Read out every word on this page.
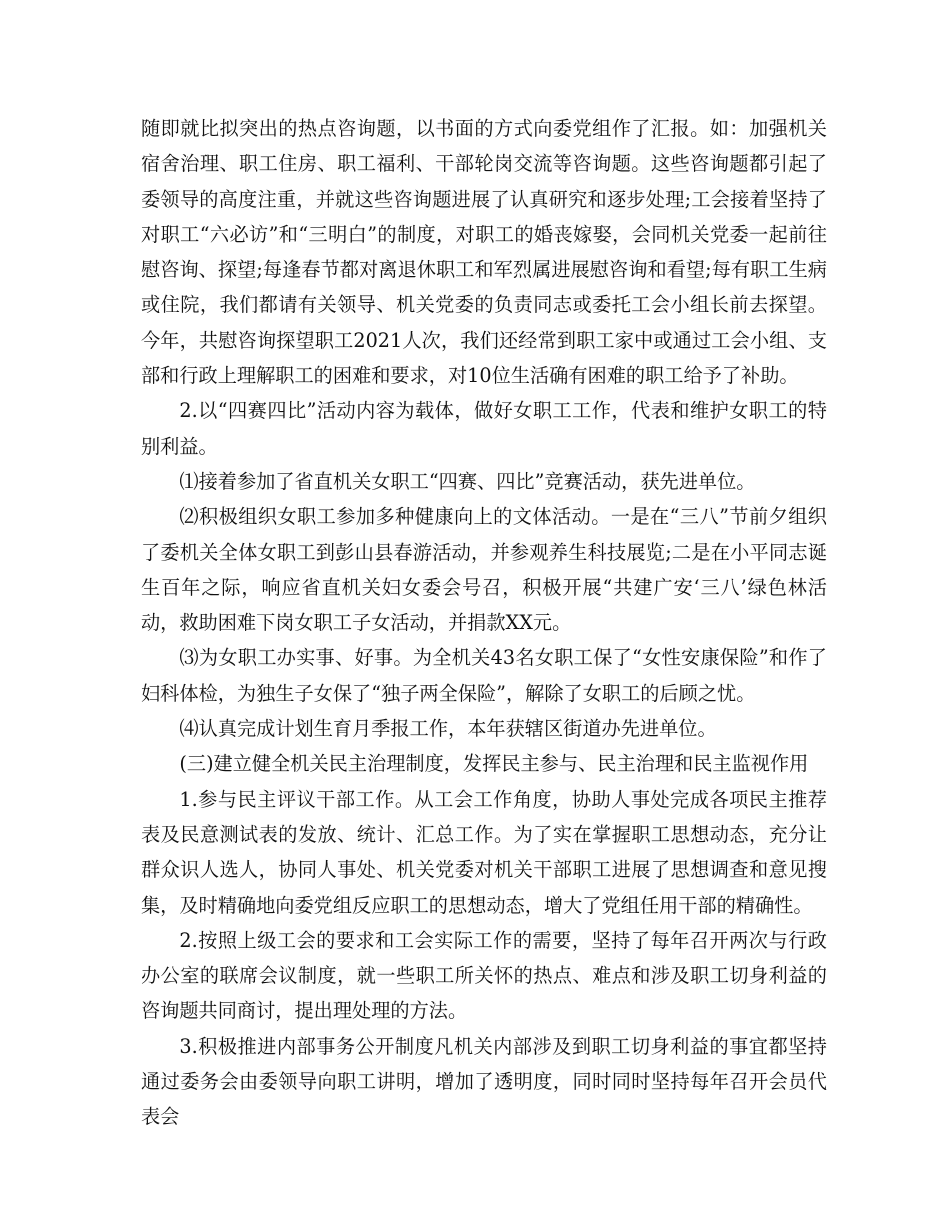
随即就比拟突出的热点咨询题，以书面的方式向委党组作了汇报。如：加强机关宿舍治理、职工住房、职工福利、干部轮岗交流等咨询题。这些咨询题都引起了委领导的高度注重，并就这些咨询题进展了认真研究和逐步处理;工会接着坚持了对职工“六必访”和“三明白”的制度，对职工的婚丧嫁娶，会同机关党委一起前往慰咨询、探望;每逢春节都对离退休职工和军烈属进展慰咨询和看望;每有职工生病或住院，我们都请有关领导、机关党委的负责同志或委托工会小组长前去探望。今年，共慰咨询探望职工2021人次，我们还经常到职工家中或通过工会小组、支部和行政上理解职工的困难和要求，对10位生活确有困难的职工给予了补助。

2.以“四赛四比”活动内容为载体，做好女职工工作，代表和维护女职工的特别利益。

⑴接着参加了省直机关女职工“四赛、四比”竞赛活动，获先进单位。

⑵积极组织女职工参加多种健康向上的文体活动。一是在“三八”节前夕组织了委机关全体女职工到彭山县春游活动，并参观养生科技展览;二是在小平同志诞生百年之际，响应省直机关妇女委会号召，积极开展“共建广安‘三八’绿色林活动，救助困难下岗女职工子女活动，并捐款XX元。

⑶为女职工办实事、好事。为全机关43名女职工保了“女性安康保险”和作了妇科体检，为独生子女保了“独子两全保险”，解除了女职工的后顾之忧。

⑷认真完成计划生育月季报工作，本年获辖区街道办先进单位。

(三)建立健全机关民主治理制度，发挥民主参与、民主治理和民主监视作用

1.参与民主评议干部工作。从工会工作角度，协助人事处完成各项民主推荐表及民意测试表的发放、统计、汇总工作。为了实在掌握职工思想动态，充分让群众识人选人，协同人事处、机关党委对机关干部职工进展了思想调查和意见搜集，及时精确地向委党组反应职工的思想动态，增大了党组任用干部的精确性。

2.按照上级工会的要求和工会实际工作的需要，坚持了每年召开两次与行政办公室的联席会议制度，就一些职工所关怀的热点、难点和涉及职工切身利益的咨询题共同商讨，提出理处理的方法。

3.积极推进内部事务公开制度凡机关内部涉及到职工切身利益的事宜都坚持通过委务会由委领导向职工讲明，增加了透明度，同时同时坚持每年召开会员代表会
